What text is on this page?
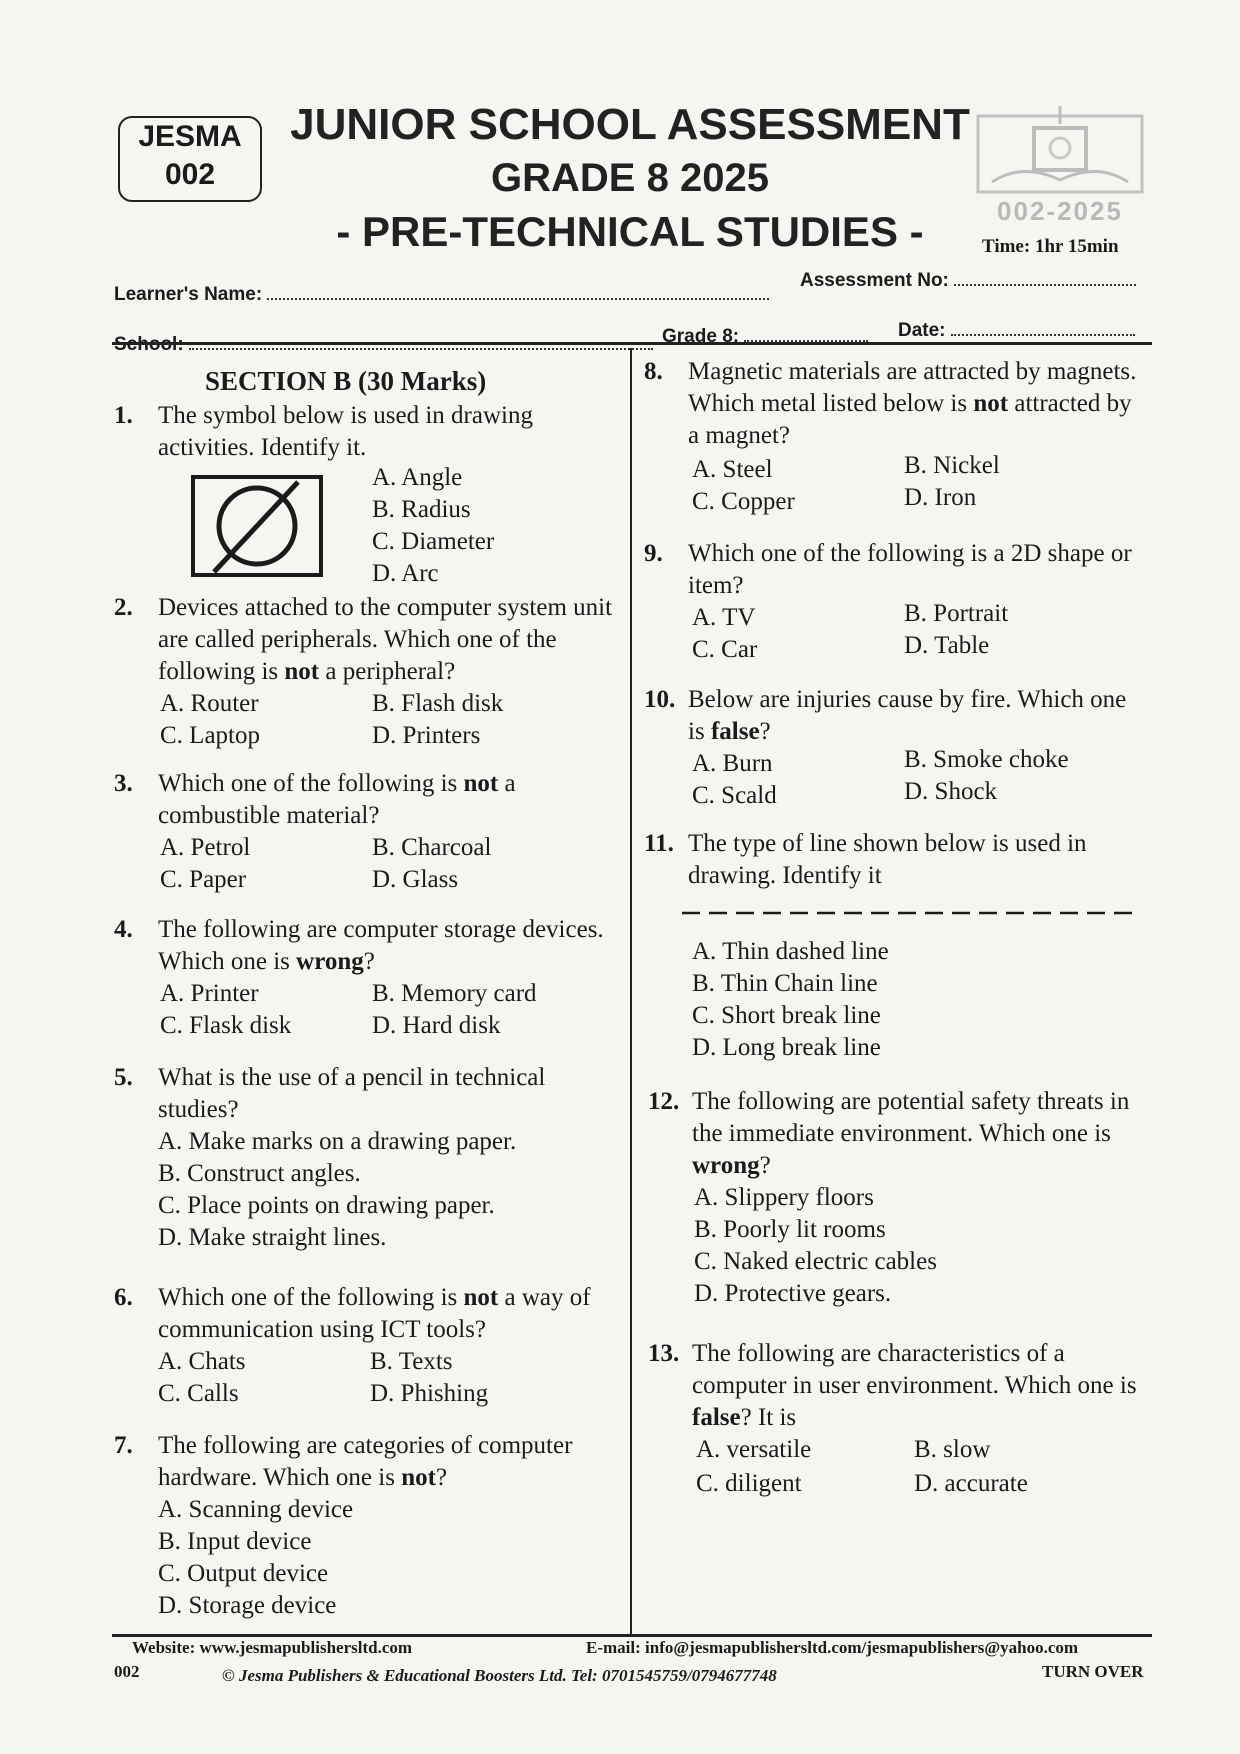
JESMA
002
JUNIOR SCHOOL ASSESSMENT
GRADE 8 2025
- PRE-TECHNICAL STUDIES -	002-2025
Time: 1hr 15min
Learner's Name:
Assessment No:
School:	Grade 8:	Date:
SECTION B (30 Marks)
1. The symbol below is used in drawing activities. Identify it.
A. Angle
B. Radius
C. Diameter
D. Arc
2. Devices attached to the computer system unit are called peripherals. Which one of the following is not a peripheral?
A. Router	B. Flash disk
C. Laptop	D. Printers
3. Which one of the following is not a combustible material?
A. Petrol	B. Charcoal
C. Paper	D. Glass
4. The following are computer storage devices. Which one is wrong?
A. Printer	B. Memory card
C. Flask disk	D. Hard disk
5. What is the use of a pencil in technical studies?
A. Make marks on a drawing paper.
B. Construct angles.
C. Place points on drawing paper.
D. Make straight lines.
6. Which one of the following is not a way of communication using ICT tools?
A. Chats	B. Texts
C. Calls	D. Phishing
7. The following are categories of computer hardware. Which one is not?
A. Scanning device
B. Input device
C. Output device
D. Storage device
8. Magnetic materials are attracted by magnets. Which metal listed below is not attracted by a magnet?
A. Steel	B. Nickel
C. Copper	D. Iron
9. Which one of the following is a 2D shape or item?
A. TV	B. Portrait
C. Car	D. Table
10. Below are injuries cause by fire. Which one is false?
A. Burn	B. Smoke choke
C. Scald	D. Shock
11. The type of line shown below is used in drawing. Identify it
A. Thin dashed line
B. Thin Chain line
C. Short break line
D. Long break line
12. The following are potential safety threats in the immediate environment. Which one is wrong?
A. Slippery floors
B. Poorly lit rooms
C. Naked electric cables
D. Protective gears.
13. The following are characteristics of a computer in user environment. Which one is false? It is
A. versatile	B. slow
C. diligent	D. accurate
Website: www.jesmapublishersltd.com	E-mail: info@jesmapublishersltd.com/jesmapublishers@yahoo.com
002	© Jesma Publishers & Educational Boosters Ltd. Tel: 0701545759/0794677748	TURN OVER
